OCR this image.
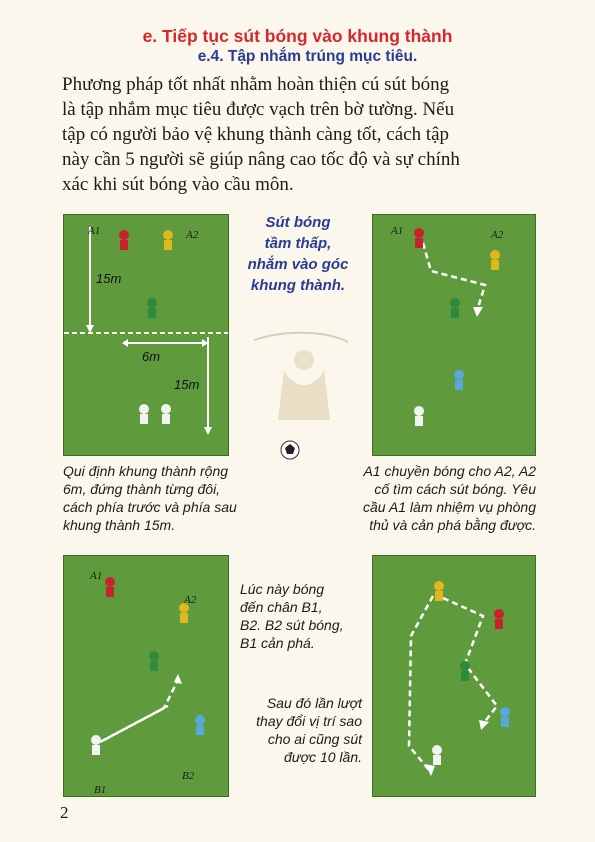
e. Tiếp tục sút bóng vào khung thành
e.4. Tập nhắm trúng mục tiêu.
Phương pháp tốt nhất nhằm hoàn thiện cú sút bóng
là tập nhắm mục tiêu được vạch trên bờ tường. Nếu
tập có người bảo vệ khung thành càng tốt, cách tập
này cần 5 người sẽ giúp nâng cao tốc độ và sự chính
xác khi sút bóng vào cầu môn.
A1	A2
15m
6m
15m
Sút bóng
tầm thấp,
nhắm vào góc
khung thành.
A1	A2
Qui định khung thành rộng
6m, đứng thành từng đôi,
cách phía trước và phía sau
khung thành 15m.
A1 chuyền bóng cho A2, A2
cố tìm cách sút bóng. Yêu
cầu A1 làm nhiệm vụ phòng
thủ và cản phá bằng được.
A1
A2
B1
B2
Lúc này bóng
đến chân B1,
B2. B2 sút bóng,
B1 cản phá.
Sau đó lần lượt
thay đổi vị trí sao
cho ai cũng sút
được 10 lần.
2
